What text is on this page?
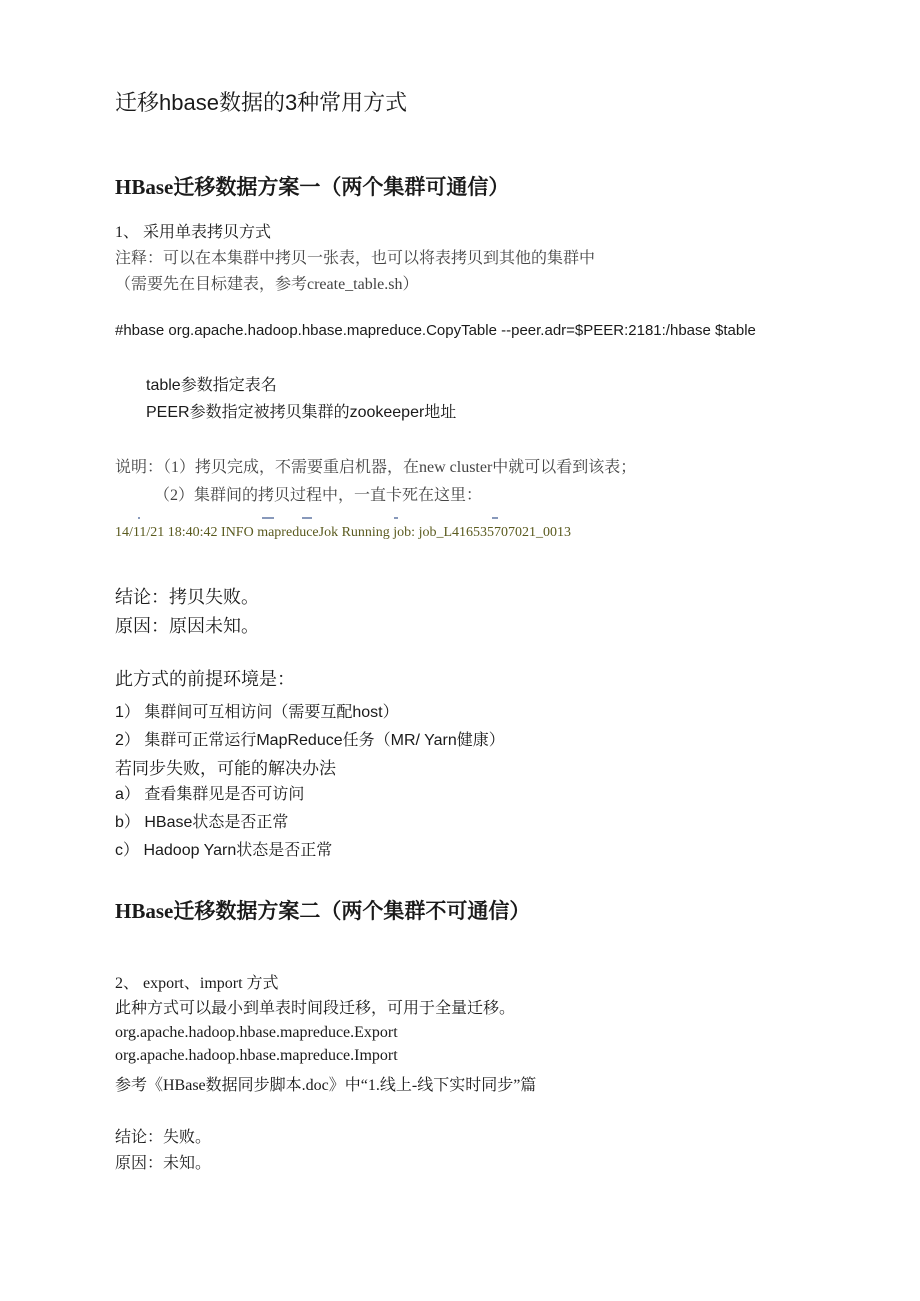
迁移hbase数据的3种常用方式
HBase迁移数据方案一（两个集群可通信）
1、 采用单表拷贝方式
注释：可以在本集群中拷贝一张表，也可以将表拷贝到其他的集群中
（需要先在目标建表，参考create_table.sh）
#hbase org.apache.hadoop.hbase.mapreduce.CopyTable --peer.adr=$PEER:2181:/hbase $table
table参数指定表名
PEER参数指定被拷贝集群的zookeeper地址
说明：（1）拷贝完成，不需要重启机器，在new cluster中就可以看到该表；
（2）集群间的拷贝过程中，一直卡死在这里：
14/11/21 18:40:42 INFO mapreduceJok Running job: job_L416535707021_0013
结论：拷贝失败。
原因：原因未知。
此方式的前提环境是：
1） 集群间可互相访问（需要互配host）
2） 集群可正常运行MapReduce任务（MR/ Yarn健康）
若同步失败，可能的解决办法
a） 查看集群见是否可访问
b） HBase状态是否正常
c） Hadoop Yarn状态是否正常
HBase迁移数据方案二（两个集群不可通信）
2、 export、import 方式
此种方式可以最小到单表时间段迁移，可用于全量迁移。
org.apache.hadoop.hbase.mapreduce.Export
org.apache.hadoop.hbase.mapreduce.Import
参考《HBase数据同步脚本.doc》中“1.线上-线下实时同步”篇
结论：失败。
原因：未知。
